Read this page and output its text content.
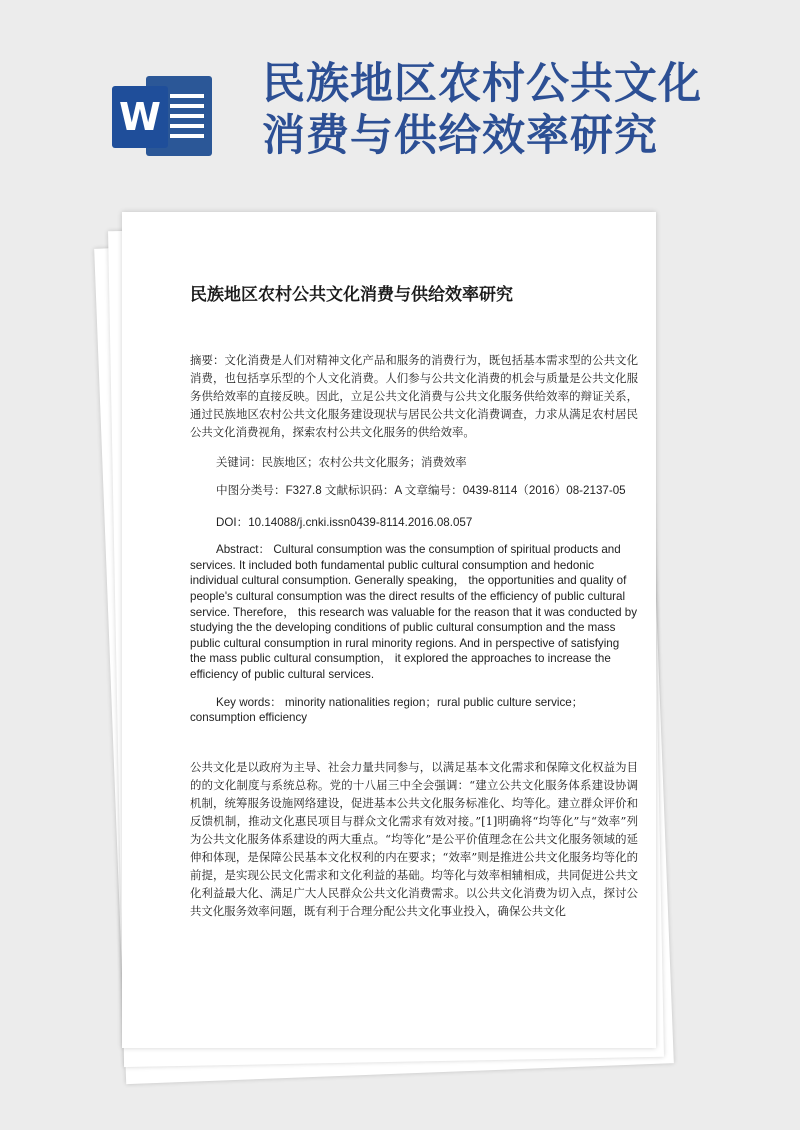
W
民族地区农村公共文化
消费与供给效率研究
民族地区农村公共文化消费与供给效率研究

摘要：文化消费是人们对精神文化产品和服务的消费行为，既包括基本需求型的公共文化消费，也包括享乐型的个人文化消费。人们参与公共文化消费的机会与质量是公共文化服务供给效率的直接反映。因此，立足公共文化消费与公共文化服务供给效率的辩证关系，通过民族地区农村公共文化服务建设现状与居民公共文化消费调查，力求从满足农村居民公共文化消费视角，探索农村公共文化服务的供给效率。

关键词：民族地区；农村公共文化服务；消费效率

中图分类号：F327.8 文献标识码：A 文章编号：0439-8114（2016）08-2137-05

DOI：10.14088/j.cnki.issn0439-8114.2016.08.057

Abstract： Cultural consumption was the consumption of spiritual products and services. It included both fundamental public cultural consumption and hedonic individual cultural consumption. Generally speaking， the opportunities and quality of people's cultural consumption was the direct results of the efficiency of public cultural service. Therefore， this research was valuable for the reason that it was conducted by studying the the developing conditions of public cultural consumption and the mass public cultural consumption in rural minority regions. And in perspective of satisfying the mass public cultural consumption， it explored the approaches to increase the efficiency of public cultural services.

Key words： minority nationalities region；rural public culture service；consumption efficiency

公共文化是以政府为主导、社会力量共同参与，以满足基本文化需求和保障文化权益为目的的文化制度与系统总称。党的十八届三中全会强调：“建立公共文化服务体系建设协调机制，统筹服务设施网络建设，促进基本公共文化服务标准化、均等化。建立群众评价和反馈机制，推动文化惠民项目与群众文化需求有效对接。”[1]明确将“均等化”与“效率”列为公共文化服务体系建设的两大重点。“均等化”是公平价值理念在公共文化服务领域的延伸和体现，是保障公民基本文化权利的内在要求；“效率”则是推进公共文化服务均等化的前提，是实现公民文化需求和文化利益的基础。均等化与效率相辅相成，共同促进公共文化利益最大化、满足广大人民群众公共文化消费需求。以公共文化消费为切入点，探讨公共文化服务效率问题，既有利于合理分配公共文化事业投入，确保公共文化
